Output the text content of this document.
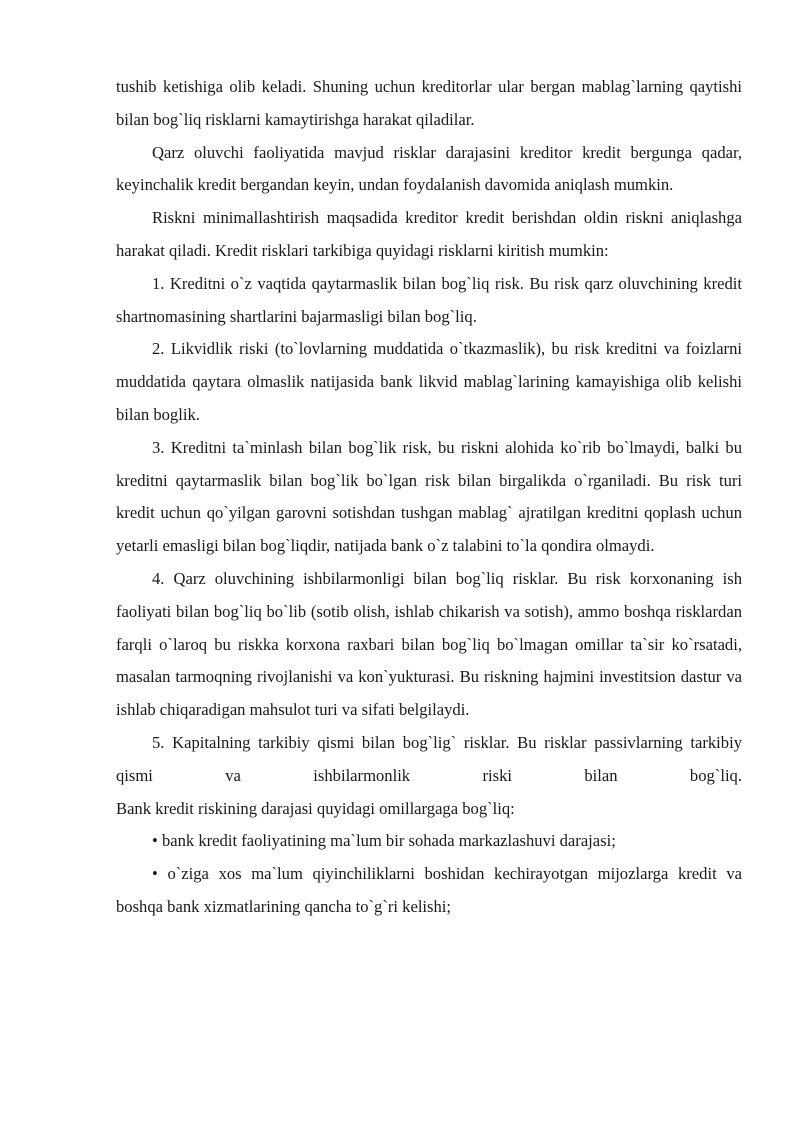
tushib ketishiga olib keladi. Shuning uchun kreditorlar ular bergan mablag`larning qaytishi bilan bog`liq risklarni kamaytirishga harakat qiladilar.

Qarz oluvchi faoliyatida mavjud risklar darajasini kreditor kredit bergunga qadar, keyinchalik kredit bergandan keyin, undan foydalanish davomida aniqlash mumkin.

Riskni minimallashtirish maqsadida kreditor kredit berishdan oldin riskni aniqlashga harakat qiladi. Kredit risklari tarkibiga quyidagi risklarni kiritish mumkin:

1. Kreditni o`z vaqtida qaytarmaslik bilan bog`liq risk. Bu risk qarz oluvchining kredit shartnomasining shartlarini bajarmasligi bilan bog`liq.

2. Likvidlik riski (to`lovlarning muddatida o`tkazmaslik), bu risk kreditni va foizlarni muddatida qaytara olmaslik natijasida bank likvid mablag`larining kamayishiga olib kelishi bilan boglik.

3. Kreditni ta`minlash bilan bog`lik risk, bu riskni alohida ko`rib bo`lmaydi, balki bu kreditni qaytarmaslik bilan bog`lik bo`lgan risk bilan birgalikda o`rganiladi. Bu risk turi kredit uchun qo`yilgan garovni sotishdan tushgan mablag` ajratilgan kreditni qoplash uchun yetarli emasligi bilan bog`liqdir, natijada bank o`z talabini to`la qondira olmaydi.

4. Qarz oluvchining ishbilarmonligi bilan bog`liq risklar. Bu risk korxonaning ish faoliyati bilan bog`liq bo`lib (sotib olish, ishlab chikarish va sotish), ammo boshqa risklardan farqli o`laroq bu riskka korxona raxbari bilan bog`liq bo`lmagan omillar ta`sir ko`rsatadi, masalan tarmoqning rivojlanishi va kon`yukturasi. Bu riskning hajmini investitsion dastur va ishlab chiqaradigan mahsulot turi va sifati belgilaydi.

5. Kapitalning tarkibiy qismi bilan bog`lig` risklar. Bu risklar passivlarning tarkibiy qismi va ishbilarmonlik riski bilan bog`liq.

Bank kredit riskining darajasi quyidagi omillargaga bog`liq:

• bank kredit faoliyatining ma`lum bir sohada markazlashuvi darajasi;

• o`ziga xos ma`lum qiyinchiliklarni boshidan kechirayotgan mijozlarga kredit va boshqa bank xizmatlarining qancha to`g`ri kelishi;
